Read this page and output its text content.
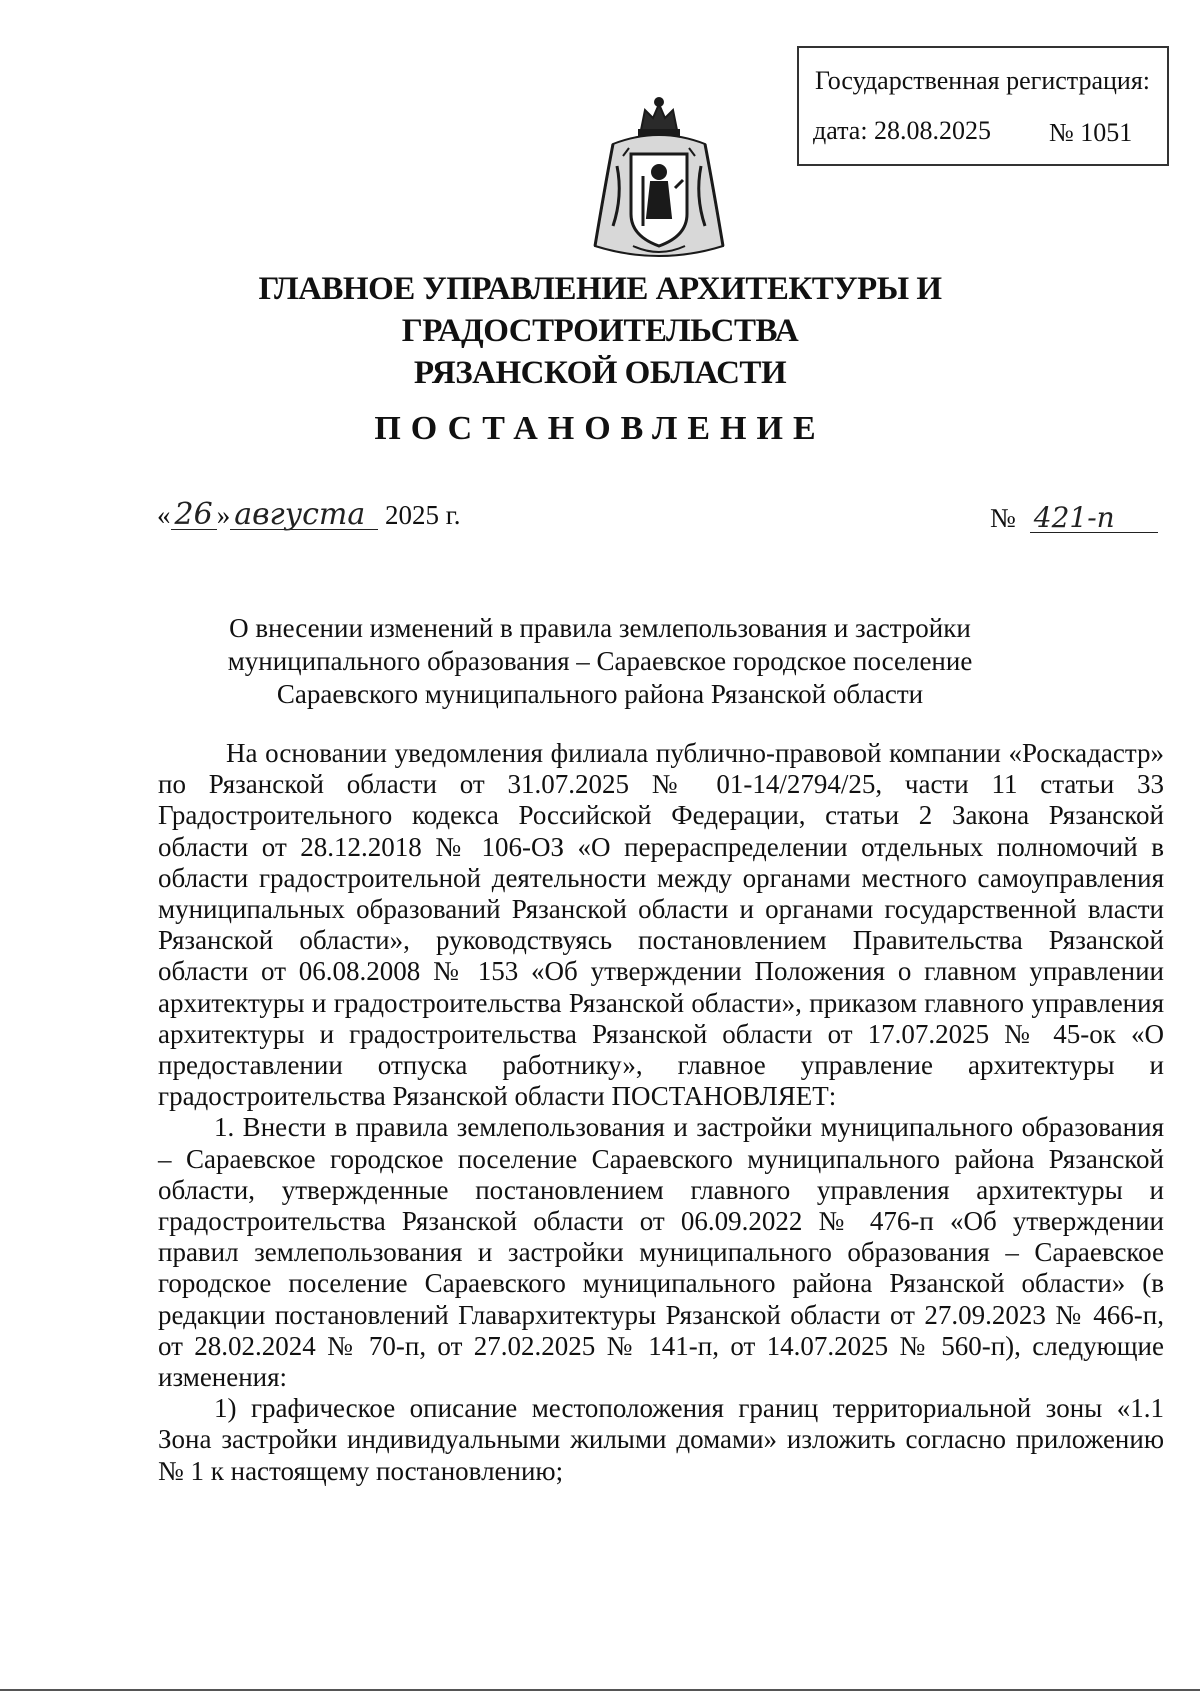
Государственная регистрация:
дата: 28.08.2025 № 1051
ГЛАВНОЕ УПРАВЛЕНИЕ АРХИТЕКТУРЫ И ГРАДОСТРОИТЕЛЬСТВА
РЯЗАНСКОЙ ОБЛАСТИ
ПОСТАНОВЛЕНИЕ
« 26 » августа 2025 г.	№ 421-п
О внесении изменений в правила землепользования и застройки
муниципального образования – Сараевское городское поселение
Сараевского муниципального района Рязанской области

На основании уведомления филиала публично-правовой компании «Роскадастр» по Рязанской области от 31.07.2025 № 01-14/2794/25, части 11 статьи 33 Градостроительного кодекса Российской Федерации, статьи 2 Закона Рязанской области от 28.12.2018 № 106-ОЗ «О перераспределении отдельных полномочий в области градостроительной деятельности между органами местного самоуправления муниципальных образований Рязанской области и органами государственной власти Рязанской области», руководствуясь постановлением Правительства Рязанской области от 06.08.2008 № 153 «Об утверждении Положения о главном управлении архитектуры и градостроительства Рязанской области», приказом главного управления архитектуры и градостроительства Рязанской области от 17.07.2025 № 45-ок «О предоставлении отпуска работнику», главное управление архитектуры и градостроительства Рязанской области ПОСТАНОВЛЯЕТ:

1. Внести в правила землепользования и застройки муниципального образования – Сараевское городское поселение Сараевского муниципального района Рязанской области, утвержденные постановлением главного управления архитектуры и градостроительства Рязанской области от 06.09.2022 № 476-п «Об утверждении правил землепользования и застройки муниципального образования – Сараевское городское поселение Сараевского муниципального района Рязанской области» (в редакции постановлений Главархитектуры Рязанской области от 27.09.2023 № 466-п, от 28.02.2024 № 70-п, от 27.02.2025 № 141-п, от 14.07.2025 № 560-п), следующие изменения:

1) графическое описание местоположения границ территориальной зоны «1.1 Зона застройки индивидуальными жилыми домами» изложить согласно приложению № 1 к настоящему постановлению;
